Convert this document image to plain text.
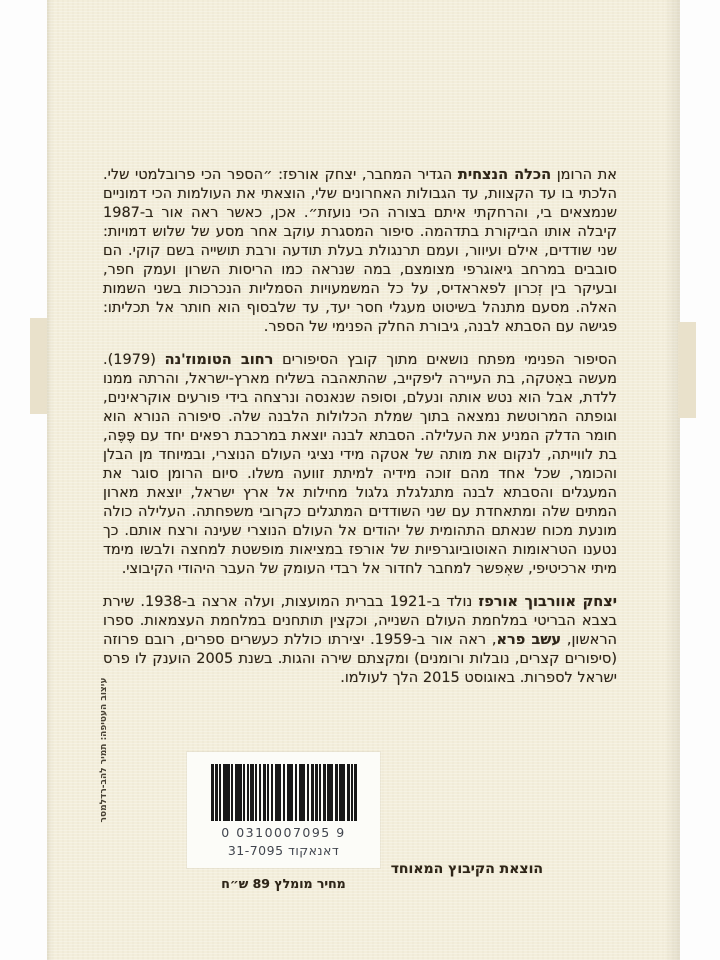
את הרומן הכלה הנצחית הגדיר המחבר, יצחק אורפז: ״הספר הכי פרובלמטי שלי. הלכתי בו עד הקצוות, עד הגבולות האחרונים שלי, הוצאתי את העולמות הכי דמוניים שנמצאים בי, והרחקתי איתם בצורה הכי נועזת״. אכן, כאשר ראה אור ב-1987 קיבלה אותו הביקורת בתדהמה. סיפור המסגרת עוקב אחר מסע של שלוש דמויות: שני שודדים, אילם ועיוור, ועמם תרנגולת בעלת תודעה ורבת תושייה בשם קוקי. הם סובבים במרחב גיאוגרפי מצומצם, במה שנראה כמו הריסות השרון ועמק חפר, ובעיקר בין זִכרון לפאראדיס, על כל המשמעויות הסמליות הנכרכות בשני השמות האלה. מסעם מתנהל בשיטוט מעגלי חסר יעד, עד שלבסוף הוא חותר אל תכליתו: פגישה עם הסבתא לבנה, גיבורת החלק הפנימי של הספר.

הסיפור הפנימי מפתח נושאים מתוך קובץ הסיפורים רחוב הטומוז'נה (1979). מעשה באִטקה, בת העיירה ליפקייב, שהתאהבה בשליח מארץ-ישראל, והרתה ממנו ללדת, אבל הוא נטש אותה ונעלם, וסופה שנאנסה ונרצחה בידי פורעים אוקראינים, וגופתה המרוטשת נמצאה בתוך שמלת הכלולות הלבנה שלה. סיפורה הנורא הוא חומר הדלק המניע את העלילה. הסבתא לבנה יוצאת במרכבת רפאים יחד עם פֶּפֶּה, בת לווייתה, לנקום את מותה של אטקה מידי נציגי העולם הנוצרי, ובמיוחד מן הבלן והכומר, שכל אחד מהם זוכה מידיה למיתת זוועה משלו. סיום הרומן סוגר את המעגלים והסבתא לבנה מתגלגלת גלגול מחילות אל ארץ ישראל, יוצאת מארון המתים שלה ומתאחדת עם שני השודדים המתגלים כקרובי משפחתה. העלילה כולה מונעת מכוח שנאתם התהומית של יהודים אל העולם הנוצרי שעינה ורצח אותם. כך נטענו הטראומות האוטוביוגרפיות של אורפז במציאות מופשטת למחצה ולבשו מימד מיתי ארכיטיפי, שאִפשר למחבר לחדור אל רבדי העומק של העבר היהודי הקיבוצי.

יצחק אוורבוך אורפז נולד ב-1921 בברית המועצות, ועלה ארצה ב-1938. שירת בצבא הבריטי במלחמת העולם השנייה, וכקצין תותחנים במלחמת העצמאות. ספרו הראשון, עשב פרא, ראה אור ב-1959. יצירתו כוללת כעשרים ספרים, רובם פרוזה (סיפורים קצרים, נובלות ורומנים) ומקצתם שירה והגות. בשנת 2005 הוענק לו פרס ישראל לספרות. באוגוסט 2015 הלך לעולמו.

0 0310007095 9
דאנאקוד 31-7095
מחיר מומלץ 89 ש״ח
הוצאת הקיבוץ המאוחד
עיצוב העטיפה: תמיר להב-רדלמסר
